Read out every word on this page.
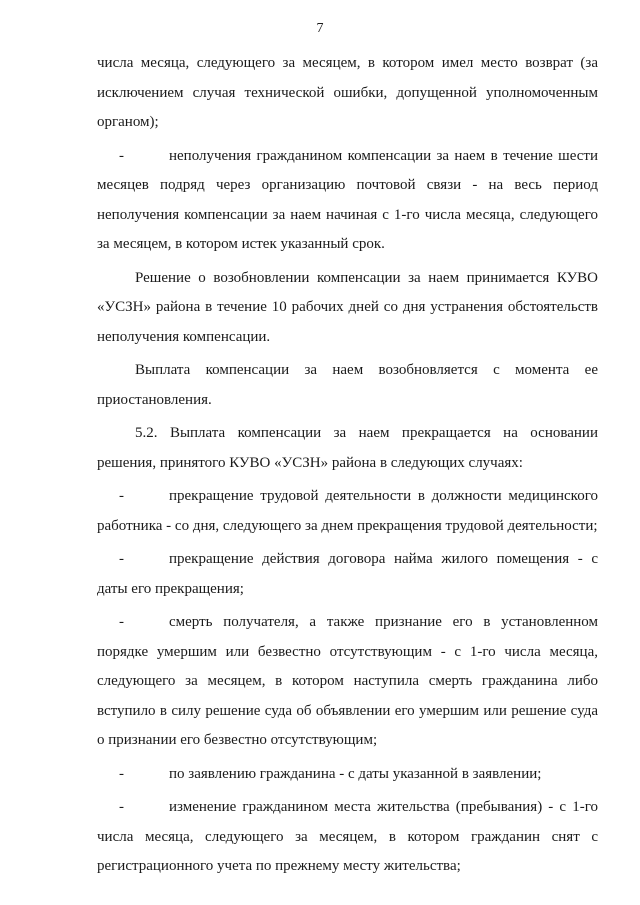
7

числа месяца, следующего за месяцем, в котором имел место возврат (за исключением случая технической ошибки, допущенной уполномоченным органом);

-	неполучения гражданином компенсации за наем в течение шести месяцев подряд через организацию почтовой связи - на весь период неполучения компенсации за наем начиная с 1-го числа месяца, следующего за месяцем, в котором истек указанный срок.

Решение о возобновлении компенсации за наем принимается КУВО «УСЗН» района в течение 10 рабочих дней со дня устранения обстоятельств неполучения компенсации.

Выплата компенсации за наем возобновляется с момента ее приостановления.

5.2. Выплата компенсации за наем прекращается на основании решения, принятого КУВО «УСЗН» района в следующих случаях:

-	прекращение трудовой деятельности в должности медицинского работника - со дня, следующего за днем прекращения трудовой деятельности;

-	прекращение действия договора найма жилого помещения - с даты его прекращения;

-	смерть получателя, а также признание его в установленном порядке умершим или безвестно отсутствующим - с 1-го числа месяца, следующего за месяцем, в котором наступила смерть гражданина либо вступило в силу решение суда об объявлении его умершим или решение суда о признании его безвестно отсутствующим;

-	по заявлению гражданина - с даты указанной в заявлении;

-	изменение гражданином места жительства (пребывания) - с 1-го числа месяца, следующего за месяцем, в котором гражданин снят с регистрационного учета по прежнему месту жительства;
